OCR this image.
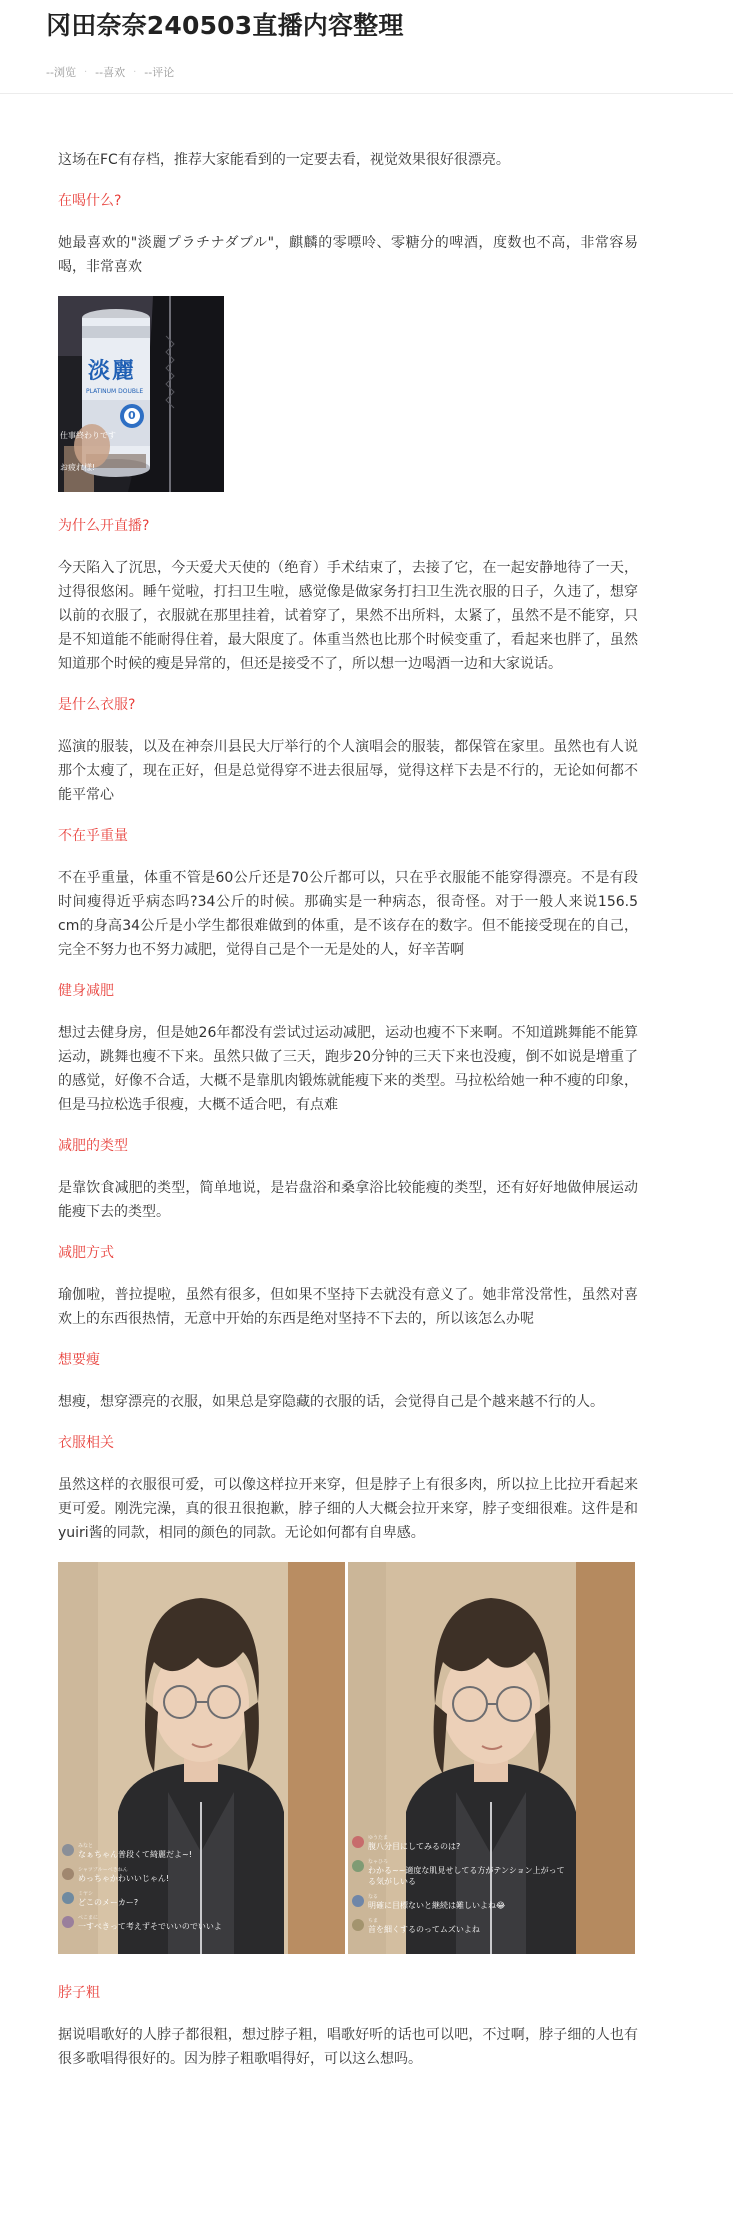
冈田奈奈240503直播内容整理
--浏览 · --喜欢 · --评论

这场在FC有存档，推荐大家能看到的一定要去看，视觉效果很好很漂亮。

在喝什么?

她最喜欢的"淡麗プラチナダブル"，麒麟的零嘌呤、零糖分的啤酒，度数也不高，非常容易喝，非常喜欢

淡麗
PLATINUM DOUBLE
0
仕事終わりです
お疲れ様!

为什么开直播?

今天陷入了沉思，今天爱犬天使的（绝育）手术结束了，去接了它，在一起安静地待了一天，过得很悠闲。睡午觉啦，打扫卫生啦，感觉像是做家务打扫卫生洗衣服的日子，久违了，想穿以前的衣服了，衣服就在那里挂着，试着穿了，果然不出所料，太紧了，虽然不是不能穿，只是不知道能不能耐得住着，最大限度了。体重当然也比那个时候变重了，看起来也胖了，虽然知道那个时候的瘦是异常的，但还是接受不了，所以想一边喝酒一边和大家说话。

是什么衣服?

巡演的服装，以及在神奈川县民大厅举行的个人演唱会的服装，都保管在家里。虽然也有人说那个太瘦了，现在正好，但是总觉得穿不进去很屈辱，觉得这样下去是不行的，无论如何都不能平常心

不在乎重量

不在乎重量，体重不管是60公斤还是70公斤都可以，只在乎衣服能不能穿得漂亮。不是有段时间瘦得近乎病态吗?34公斤的时候。那确实是一种病态，很奇怪。对于一般人来说156.5 cm的身高34公斤是小学生都很难做到的体重，是不该存在的数字。但不能接受现在的自己，完全不努力也不努力减肥，觉得自己是个一无是处的人，好辛苦啊

健身减肥

想过去健身房，但是她26年都没有尝试过运动减肥，运动也瘦不下来啊。不知道跳舞能不能算运动，跳舞也瘦不下来。虽然只做了三天，跑步20分钟的三天下来也没瘦，倒不如说是增重了的感觉，好像不合适，大概不是靠肌肉锻炼就能瘦下来的类型。马拉松给她一种不瘦的印象，但是马拉松选手很瘦，大概不适合吧，有点难

减肥的类型

是靠饮食减肥的类型，简单地说，是岩盘浴和桑拿浴比较能瘦的类型，还有好好地做伸展运动能瘦下去的类型。

减肥方式

瑜伽啦，普拉提啦，虽然有很多，但如果不坚持下去就没有意义了。她非常没常性，虽然对喜欢上的东西很热情，无意中开始的东西是绝对坚持不下去的，所以该怎么办呢

想要瘦

想瘦，想穿漂亮的衣服，如果总是穿隐藏的衣服的话，会觉得自己是个越来越不行的人。

衣服相关

虽然这样的衣服很可爱，可以像这样拉开来穿，但是脖子上有很多肉，所以拉上比拉开看起来更可爱。刚洗完澡，真的很丑很抱歉，脖子细的人大概会拉开来穿，脖子变细很难。这件是和yuiri酱的同款，相同的颜色的同款。无论如何都有自卑感。

みなと
なぁちゃん普段くて綺麗だよ~!
シャツプルーべきねん
めっちゃかわいいじゃん!
ミヤシ
どこのメーカー?
ぺこまに
一すべきって考えずそでいいのでいいよ
ゆうたま
腹八分目にしてみるのは?
なゃひろ
わかる~~適度な肌見せしてる方がテンション上がってる気がしいる
なる
明確に目標ないと継続は難しいよね😂
ちま
首を細くするのってムズいよね

脖子粗

据说唱歌好的人脖子都很粗，想过脖子粗，唱歌好听的话也可以吧，不过啊，脖子细的人也有很多歌唱得很好的。因为脖子粗歌唱得好，可以这么想吗。
